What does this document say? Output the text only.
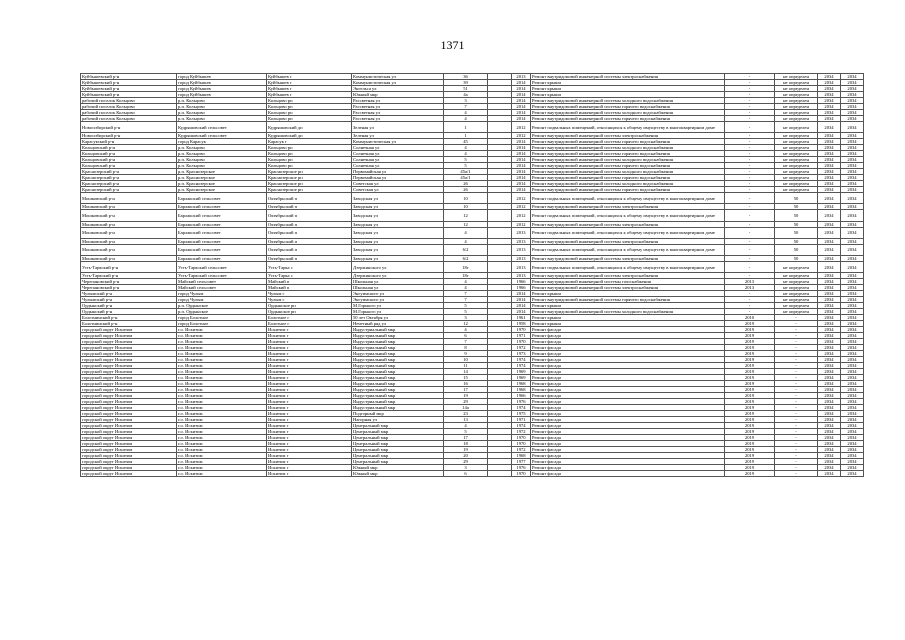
1371
Куйбышевский р-н	город Куйбышев	Куйбышев г	Коммунистическая ул	36		2013	Ремонт внутридомовой инженерной системы электроснабжения	-	не определен	2034	2034
Куйбышевский р-н	город Куйбышев	Куйбышев г	Коммунистическая ул	39		2014	Ремонт крыши	-	не определен	2034	2034
Куйбышевский р-н	город Куйбышев	Куйбышев г	Энгельса ул	51		2014	Ремонт крыши	-	не определен	2034	2034
Куйбышевский р-н	город Куйбышев	Куйбышев г	Южный мкр	4a		2014	Ремонт крыши	-	не определен	2034	2034
рабочий поселок Кольцово	р.п. Кольцово	Кольцово рп	Рассветная ул	3		2014	Ремонт внутридомовой инженерной системы холодного водоснабжения	-	не определен	2034	2034
рабочий поселок Кольцово	р.п. Кольцово	Кольцово рп	Рассветная ул	7		2014	Ремонт внутридомовой инженерной системы горячего водоснабжения	-	не определен	2034	2034
рабочий поселок Кольцово	р.п. Кольцово	Кольцово рп	Рассветная ул	4		2014	Ремонт внутридомовой инженерной системы холодного водоснабжения	-	не определен	2034	2034
рабочий поселок Кольцово	р.п. Кольцово	Кольцово рп	Рассветная ул	4		2014	Ремонт внутридомовой инженерной системы горячего водоснабжения	-	не определен	2034	2034
Новосибирский р-н	Кудряшовский сельсовет	Кудряшовский дп	Зеленая ул	1		2012	Ремонт подвальных помещений, относящихся к общему имуществу в многоквартирном доме	-	не определен	2034	2034
Новосибирский р-н	Кудряшовский сельсовет	Кудряшовский дп	Зеленая ул	1		2012	Ремонт внутридомовой инженерной системы электроснабжения	-	не определен	2034	2034
Карасукский р-н	город Карасук	Карасук г	Коммунистическая ул	45		2014	Ремонт внутридомовой инженерной системы горячего водоснабжения	-	не определен	2034	2034
Кольцовский р-н	р.п. Кольцово	Кольцово рп	Солнечная ул	4		2014	Ремонт внутридомовой инженерной системы холодного водоснабжения	-	не определен	2034	2034
Кольцовский р-н	р.п. Кольцово	Кольцово рп	Солнечная ул	4		2014	Ремонт внутридомовой инженерной системы горячего водоснабжения	-	не определен	2034	2034
Кольцовский р-н	р.п. Кольцово	Кольцово рп	Солнечная ул	5		2014	Ремонт внутридомовой инженерной системы холодного водоснабжения	-	не определен	2034	2034
Кольцовский р-н	р.п. Кольцово	Кольцово рп	Солнечная ул	5		2014	Ремонт внутридомовой инженерной системы горячего водоснабжения	-	не определен	2034	2034
Краснозерский р-н	р.п. Краснозерское	Краснозерское рп	Первомайская ул	45a/1		2014	Ремонт внутридомовой инженерной системы холодного водоснабжения	-	не определен	2034	2034
Краснозерский р-н	р.п. Краснозерское	Краснозерское рп	Первомайская ул	45a/1		2014	Ремонт внутридомовой инженерной системы горячего водоснабжения	-	не определен	2034	2034
Краснозерский р-н	р.п. Краснозерское	Краснозерское рп	Советская ул	26		2014	Ремонт внутридомовой инженерной системы холодного водоснабжения	-	не определен	2034	2034
Краснозерский р-н	р.п. Краснозерское	Краснозерское рп	Советская ул	26		2014	Ремонт внутридомовой инженерной системы горячего водоснабжения	-	не определен	2034	2034
Мошковский р-н	Барлакский сельсовет	Октябрьский п	Заводская ул	10		2012	Ремонт подвальных помещений, относящихся к общему имуществу в многоквартирном доме	-	50	2034	2034
Мошковский р-н	Барлакский сельсовет	Октябрьский п	Заводская ул	10		2012	Ремонт внутридомовой инженерной системы электроснабжения	-	50	2034	2034
Мошковский р-н	Барлакский сельсовет	Октябрьский п	Заводская ул	12		2012	Ремонт подвальных помещений, относящихся к общему имуществу в многоквартирном доме	-	50	2034	2034
Мошковский р-н	Барлакский сельсовет	Октябрьский п	Заводская ул	12		2012	Ремонт внутридомовой инженерной системы электроснабжения	-	50	2034	2034
Мошковский р-н	Барлакский сельсовет	Октябрьский п	Заводская ул	4		2013	Ремонт подвальных помещений, относящихся к общему имуществу в многоквартирном доме	-	50	2034	2034
Мошковский р-н	Барлакский сельсовет	Октябрьский п	Заводская ул	4		2013	Ремонт внутридомовой инженерной системы электроснабжения	-	50	2034	2034
Мошковский р-н	Барлакский сельсовет	Октябрьский п	Заводская ул	6/2		2013	Ремонт подвальных помещений, относящихся к общему имуществу в многоквартирном доме	-	50	2034	2034
Мошковский р-н	Барлакский сельсовет	Октябрьский п	Заводская ул	6/2		2013	Ремонт внутридомовой инженерной системы электроснабжения	-	50	2034	2034
Усть-Таркский р-н	Усть-Таркский сельсовет	Усть-Тарка с	Дзержинского ул	18г		2013	Ремонт подвальных помещений, относящихся к общему имуществу в многоквартирном доме	-	не определен	2034	2034
Усть-Таркский р-н	Усть-Таркский сельсовет	Усть-Тарка с	Дзержинского ул	18г		2013	Ремонт внутридомовой инженерной системы электроснабжения	-	не определен	2034	2034
Черепановский р-н	Майский сельсовет	Майский п	Школьная ул	4		1966	Ремонт внутридомовой инженерной системы газоснабжения	2013	не определен	2034	2034
Черепановский р-н	Майский сельсовет	Майский п	Школьная ул	4		1966	Ремонт внутридомовой инженерной системы электроснабжения	2013	не определен	2034	2034
Чулымский р-н	город Чулым	Чулым г	Энгуимского ул	7		2014	Ремонт крыши	-	не определен	2034	2034
Чулымский р-н	город Чулым	Чулым г	Энгуимского ул	7		2014	Ремонт внутридомовой инженерной системы горячего водоснабжения	-	не определен	2034	2034
Ордынский р-н	р.п. Ордынское	Ордынское рп	М.Горького ул	5		2014	Ремонт крыши	-	не определен	2034	2034
Ордынский р-н	р.п. Ордынское	Ордынское рп	М.Горького ул	5		2014	Ремонт внутридомовой инженерной системы холодного водоснабжения	-	не определен	2034	2034
Болотнинский р-н	город Болотное	Болотное г	50 лет Октября ул	3		1961	Ремонт крыши	2010	-	2034	2034
Болотнинский р-н	город Болотное	Болотное г	Нечетный ряд ул	12		1958	Ремонт крыши	2019	-	2034	2034
городской округ Искитим	г.о. Искитим	Искитим г	Индустриальный мкр	4		1970	Ремонт фасада	2019	-	2034	2034
городской округ Искитим	г.о. Искитим	Искитим г	Индустриальный мкр	6		1971	Ремонт фасада	2019	-	2034	2034
городской округ Искитим	г.о. Искитим	Искитим г	Индустриальный мкр	7		1970	Ремонт фасада	2019	-	2034	2034
городской округ Искитим	г.о. Искитим	Искитим г	Индустриальный мкр	8		1972	Ремонт фасада	2019	-	2034	2034
городской округ Искитим	г.о. Искитим	Искитим г	Индустриальный мкр	9		1973	Ремонт фасада	2019	-	2034	2034
городской округ Искитим	г.о. Искитим	Искитим г	Индустриальный мкр	10		1974	Ремонт фасада	2019	-	2034	2034
городской округ Искитим	г.о. Искитим	Искитим г	Индустриальный мкр	11		1974	Ремонт фасада	2019	-	2034	2034
городской округ Искитим	г.о. Искитим	Искитим г	Индустриальный мкр	14		1969	Ремонт фасада	2019	-	2034	2034
городской округ Искитим	г.о. Искитим	Искитим г	Индустриальный мкр	15		1969	Ремонт фасада	2019	-	2034	2034
городской округ Искитим	г.о. Искитим	Искитим г	Индустриальный мкр	16		1968	Ремонт фасада	2019	-	2034	2034
городской округ Искитим	г.о. Искитим	Искитим г	Индустриальный мкр	17		1968	Ремонт фасада	2019	-	2034	2034
городской округ Искитим	г.о. Искитим	Искитим г	Индустриальный мкр	19		1966	Ремонт фасада	2019	-	2034	2034
городской округ Искитим	г.о. Искитим	Искитим г	Индустриальный мкр	29		1976	Ремонт фасада	2019	-	2034	2034
городской округ Искитим	г.о. Искитим	Искитим г	Индустриальный мкр	14a		1974	Ремонт фасада	2019	-	2034	2034
городской округ Искитим	г.о. Искитим	Искитим г	Подгорный мкр	23		1975	Ремонт фасада	2019	-	2034	2034
городской округ Искитим	г.о. Искитим	Искитим г	Нагорная ул	13		1971	Ремонт фасада	2019	-	2034	2034
городской округ Искитим	г.о. Искитим	Искитим г	Центральный мкр	4		1974	Ремонт фасада	2019	-	2034	2034
городской округ Искитим	г.о. Искитим	Искитим г	Центральный мкр	5		1972	Ремонт фасада	2019	-	2034	2034
городской округ Искитим	г.о. Искитим	Искитим г	Центральный мкр	17		1970	Ремонт фасада	2019	-	2034	2034
городской округ Искитим	г.о. Искитим	Искитим г	Центральный мкр	18		1970	Ремонт фасада	2019	-	2034	2034
городской округ Искитим	г.о. Искитим	Искитим г	Центральный мкр	19		1972	Ремонт фасада	2019	-	2034	2034
городской округ Искитим	г.о. Искитим	Искитим г	Центральный мкр	20		1968	Ремонт фасада	2019	-	2034	2034
городской округ Искитим	г.о. Искитим	Искитим г	Центральный мкр	29		1977	Ремонт фасада	2019	-	2034	2034
городской округ Искитим	г.о. Искитим	Искитим г	Южный мкр	3		1976	Ремонт фасада	2019	-	2034	2034
городской округ Искитим	г.о. Искитим	Искитим г	Южный мкр	6		1970	Ремонт фасада	2019	-	2034	2034
